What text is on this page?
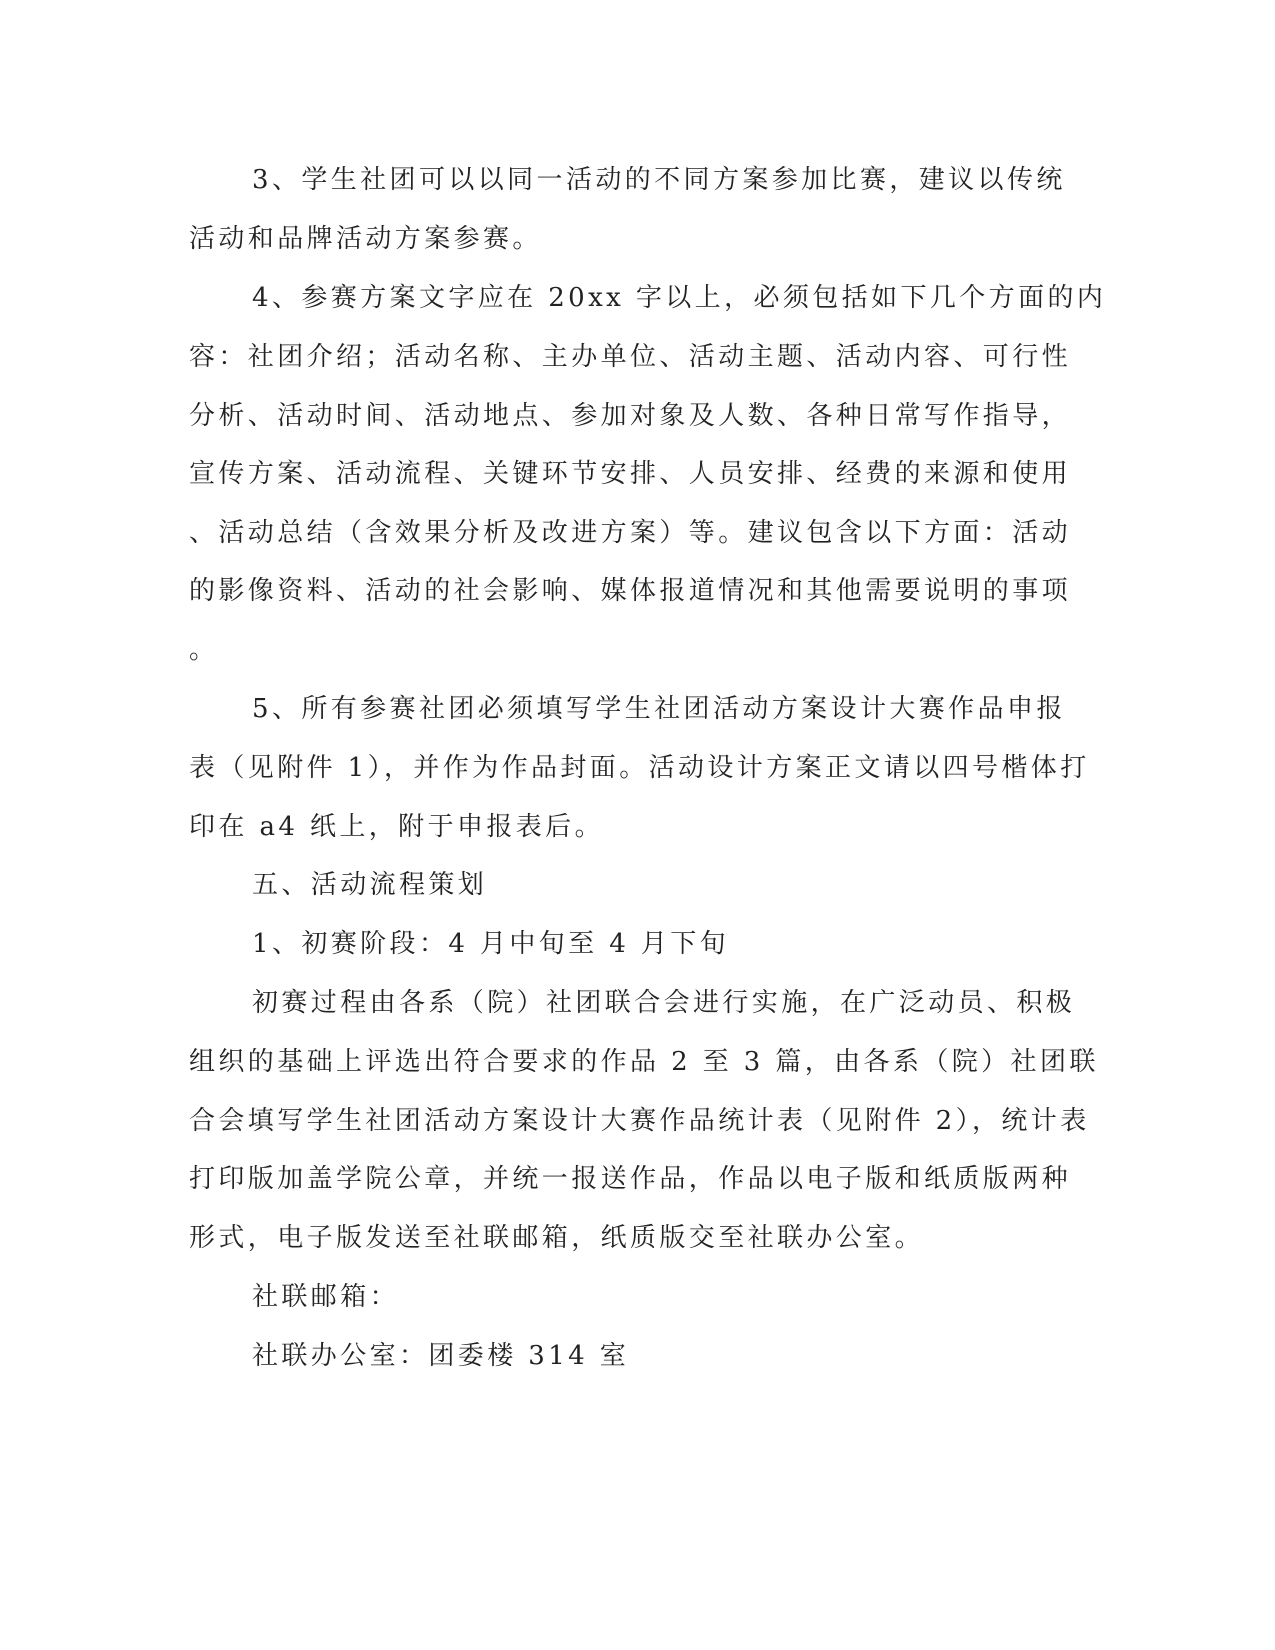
3、学生社团可以以同一活动的不同方案参加比赛，建议以传统
活动和品牌活动方案参赛。
4、参赛方案文字应在 20xx 字以上，必须包括如下几个方面的内
容：社团介绍；活动名称、主办单位、活动主题、活动内容、可行性
分析、活动时间、活动地点、参加对象及人数、各种日常写作指导，
宣传方案、活动流程、关键环节安排、人员安排、经费的来源和使用
、活动总结（含效果分析及改进方案）等。建议包含以下方面：活动
的影像资料、活动的社会影响、媒体报道情况和其他需要说明的事项
。
5、所有参赛社团必须填写学生社团活动方案设计大赛作品申报
表（见附件 1），并作为作品封面。活动设计方案正文请以四号楷体打
印在 a4 纸上，附于申报表后。
五、活动流程策划
1、初赛阶段：4 月中旬至 4 月下旬
初赛过程由各系（院）社团联合会进行实施，在广泛动员、积极
组织的基础上评选出符合要求的作品 2 至 3 篇，由各系（院）社团联
合会填写学生社团活动方案设计大赛作品统计表（见附件 2），统计表
打印版加盖学院公章，并统一报送作品，作品以电子版和纸质版两种
形式，电子版发送至社联邮箱，纸质版交至社联办公室。
社联邮箱：
社联办公室：团委楼 314 室
